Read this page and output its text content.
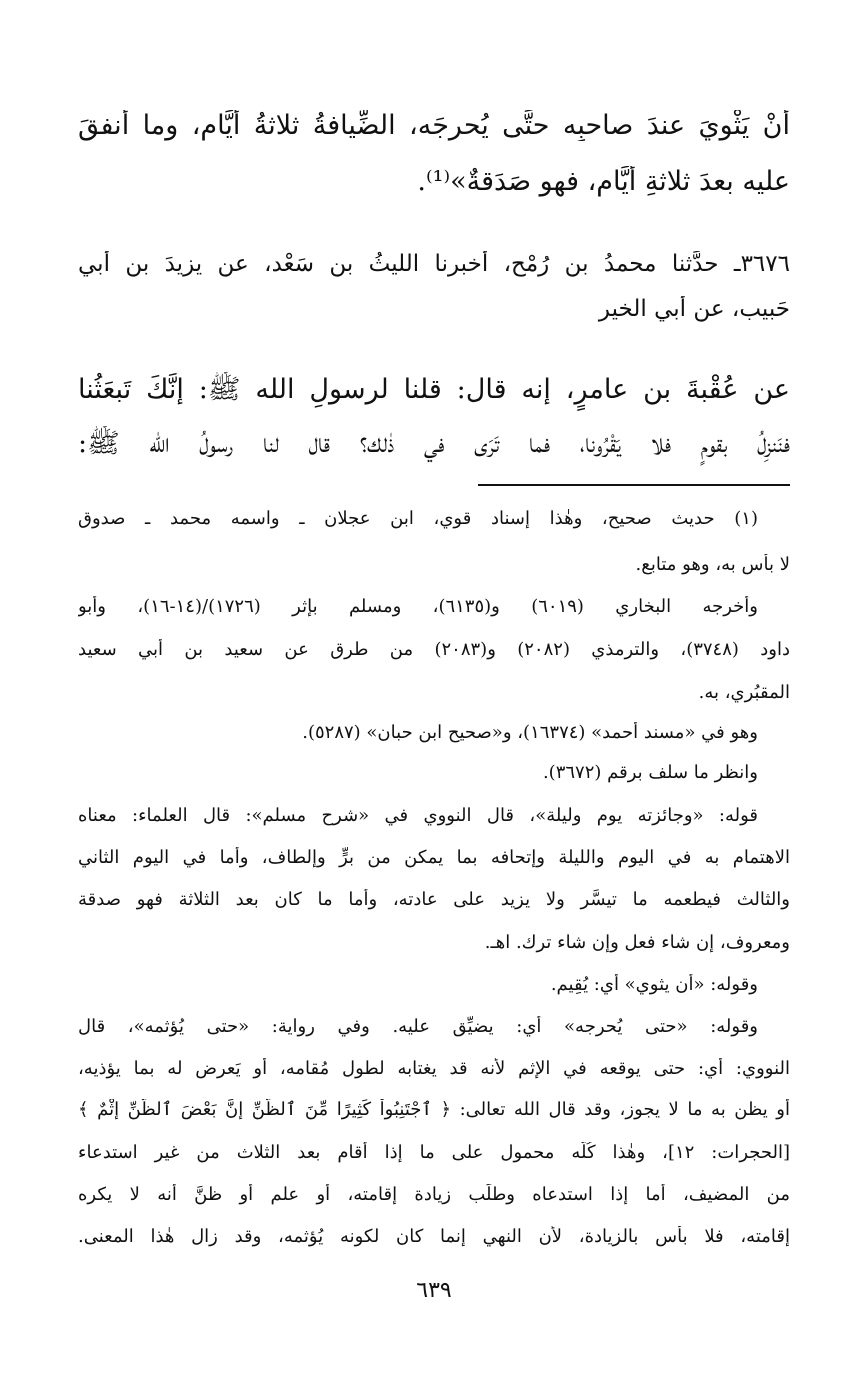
أنْ يَثْوِيَ عندَ صاحبِه حتَّى يُحرِجَه، الضِّيافةُ ثلاثةُ أيَّامٍ، وما أنفقَ
عليه بعدَ ثلاثةِ أيَّامٍ، فهو صَدَقةٌ»⁽¹⁾.
٣٦٧٦ـ حدَّثنا محمدُ بن رُمْح، أخبرنا الليثُ بن سَعْد، عن يزيدَ بن أبي
حَبيب، عن أبي الخير
عن عُقْبةَ بن عامرٍ، إنه قال: قلنا لرسولِ الله ﷺ: إنَّكَ تَبعَثُنا
فنَنزِلُ بقومٍ فلا يَقْرُونا، فما تَرَى في ذٰلك؟ قال لنا رسولُ الله ﷺ:
(١) حديث صحيح، وهٰذا إسناد قوي، ابن عجلان ـ واسمه محمد ـ صدوق
لا بأس به، وهو متابع.
وأخرجه البخاري (٦٠١٩) و(٦١٣٥)، ومسلم بإثر (١٧٢٦)/(١٤-١٦)، وأبو
داود (٣٧٤٨)، والترمذي (٢٠٨٢) و(٢٠٨٣) من طرق عن سعيد بن أبي سعيد
المقبُري، به.
وهو في «مسند أحمد» (١٦٣٧٤)، و«صحيح ابن حبان» (٥٢٨٧).
وانظر ما سلف برقم (٣٦٧٢).
قوله: «وجائزته يوم وليلة»، قال النووي في «شرح مسلم»: قال العلماء: معناه
الاهتمام به في اليوم والليلة وإتحافه بما يمكن من برٍّ وإلطاف، وأما في اليوم الثاني
والثالث فيطعمه ما تيسَّر ولا يزيد على عادته، وأما ما كان بعد الثلاثة فهو صدقة
ومعروف، إن شاء فعل وإن شاء ترك. اهـ.
وقوله: «أن يثوي» أي: يُقِيم.
وقوله: «حتى يُحرِجه» أي: يضيِّق عليه. وفي رواية: «حتى يُؤثمه»، قال
النووي: أي: حتى يوقعه في الإثم لأنه قد يغتابه لطول مُقامه، أو يَعرض له بما يؤذيه،
أو يظن به ما لا يجوز، وقد قال الله تعالى: ﴿ ٱجْتَنِبُواْ كَثِيرًا مِّنَ ٱلظَّنِّ إِنَّ بَعْضَ ٱلظَّنِّ إِثْمٌ ﴾
[الحجرات: ١٢]، وهٰذا كُلُّه محمول على ما إذا أقام بعد الثلاث من غير استدعاء
من المضيف، أما إذا استدعاه وطلَب زيادة إقامته، أو علم أو ظنَّ أنه لا يكره
إقامته، فلا بأس بالزيادة، لأن النهي إنما كان لكونه يُؤثمه، وقد زال هٰذا المعنى.
٦٣٩
